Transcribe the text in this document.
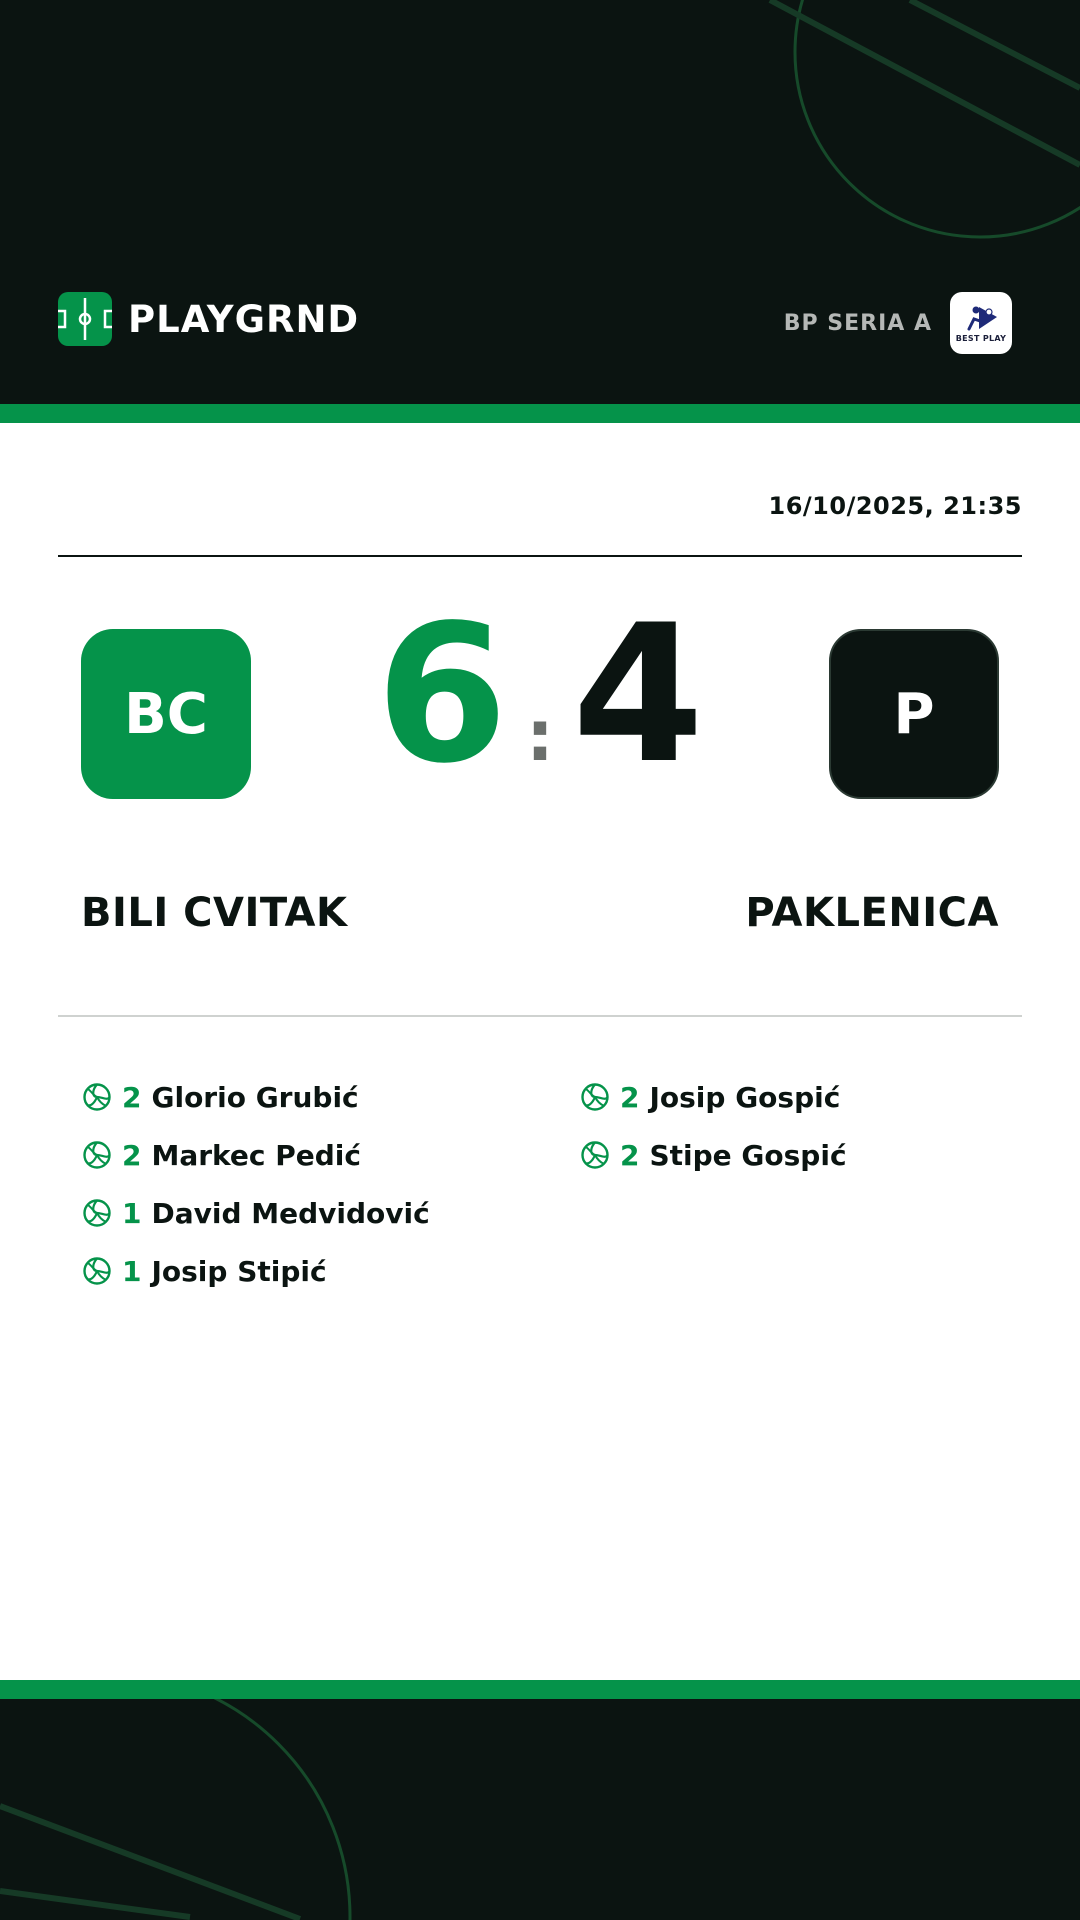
PLAYGRND	BP SERIA A
BEST PLAY
16/10/2025, 21:35
BC 6 : 4	P
BILI CVITAK	PAKLENICA
2 Glorio Grubić
2 Markec Pedić
1 David Medvidović
1 Josip Stipić
2 Josip Gospić
2 Stipe Gospić
